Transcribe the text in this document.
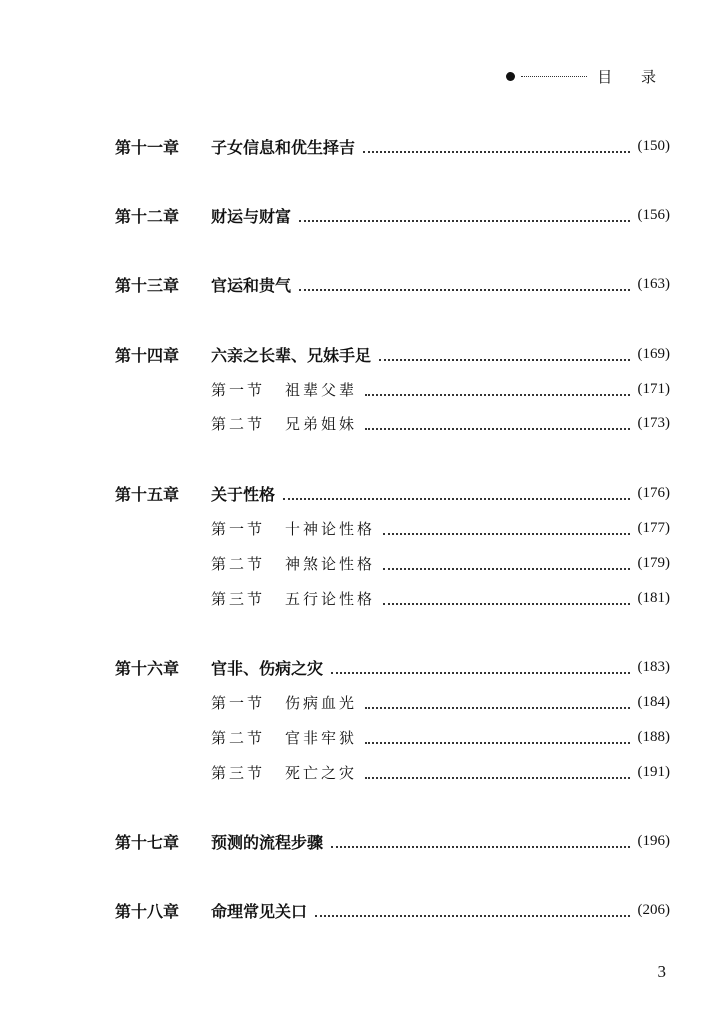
目 录
第十一章	子女信息和优生择吉	(150)
第十二章	财运与财富	(156)
第十三章	官运和贵气	(163)
第十四章	六亲之长辈、兄妹手足	(169)
第一节	祖辈父辈	(171)
第二节	兄弟姐妹	(173)
第十五章	关于性格	(176)
第一节	十神论性格	(177)
第二节	神煞论性格	(179)
第三节	五行论性格	(181)
第十六章	官非、伤病之灾	(183)
第一节	伤病血光	(184)
第二节	官非牢狱	(188)
第三节	死亡之灾	(191)
第十七章	预测的流程步骤	(196)
第十八章	命理常见关口	(206)
3
